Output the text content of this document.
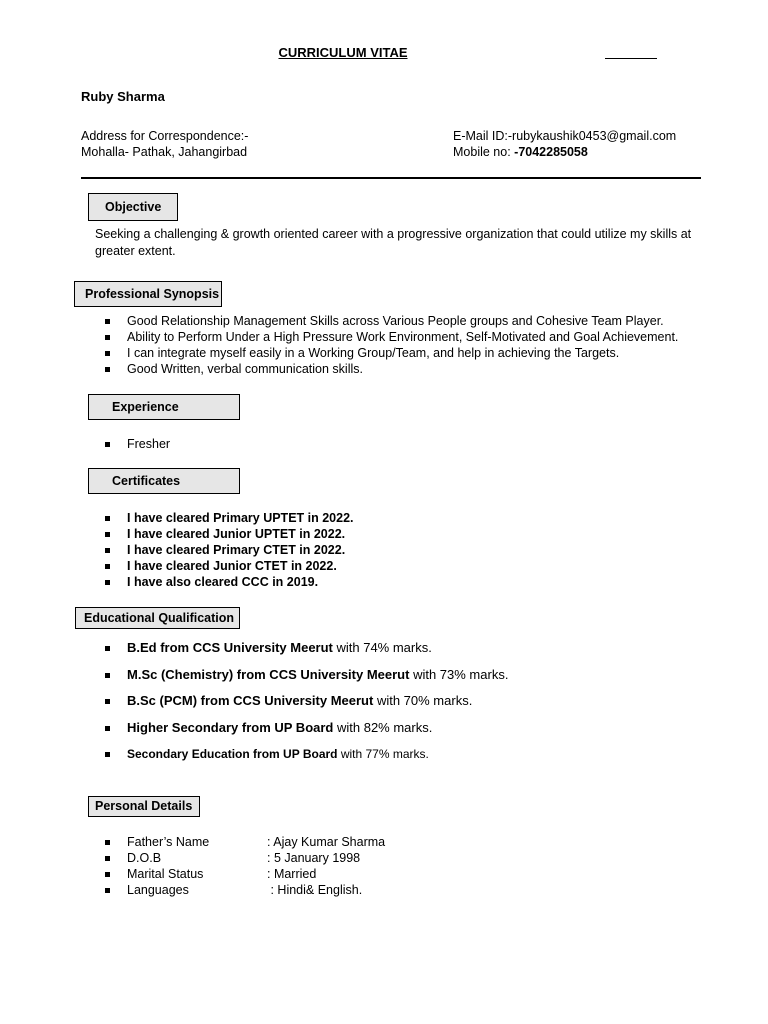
CURRICULUM VITAE
Ruby Sharma
Address for Correspondence:-
Mohalla- Pathak, Jahangirbad
E-Mail ID:-rubykaushik0453@gmail.com
Mobile no: -7042285058
Objective
Seeking a challenging & growth oriented career with a progressive organization that could utilize my skills at greater extent.
Professional Synopsis
Good Relationship Management Skills across Various People groups and Cohesive Team Player.
Ability to Perform Under a High Pressure Work Environment, Self-Motivated and Goal Achievement.
I can integrate myself easily in a Working Group/Team, and help in achieving the Targets.
Good Written, verbal communication skills.
Experience
Fresher
Certificates
I have cleared Primary UPTET in 2022.
I have cleared Junior UPTET in 2022.
I have cleared Primary CTET in 2022.
I have cleared Junior CTET in 2022.
I have also cleared CCC in 2019.
Educational Qualification
B.Ed from CCS University Meerut with 74% marks.
M.Sc (Chemistry) from CCS University Meerut with 73% marks.
B.Sc (PCM) from CCS University Meerut with 70% marks.
Higher Secondary from UP Board with 82% marks.
Secondary Education from UP Board with 77% marks.
Personal Details
Father’s Name	: Ajay Kumar Sharma
D.O.B	: 5 January 1998
Marital Status	: Married
Languages	: Hindi& English.
